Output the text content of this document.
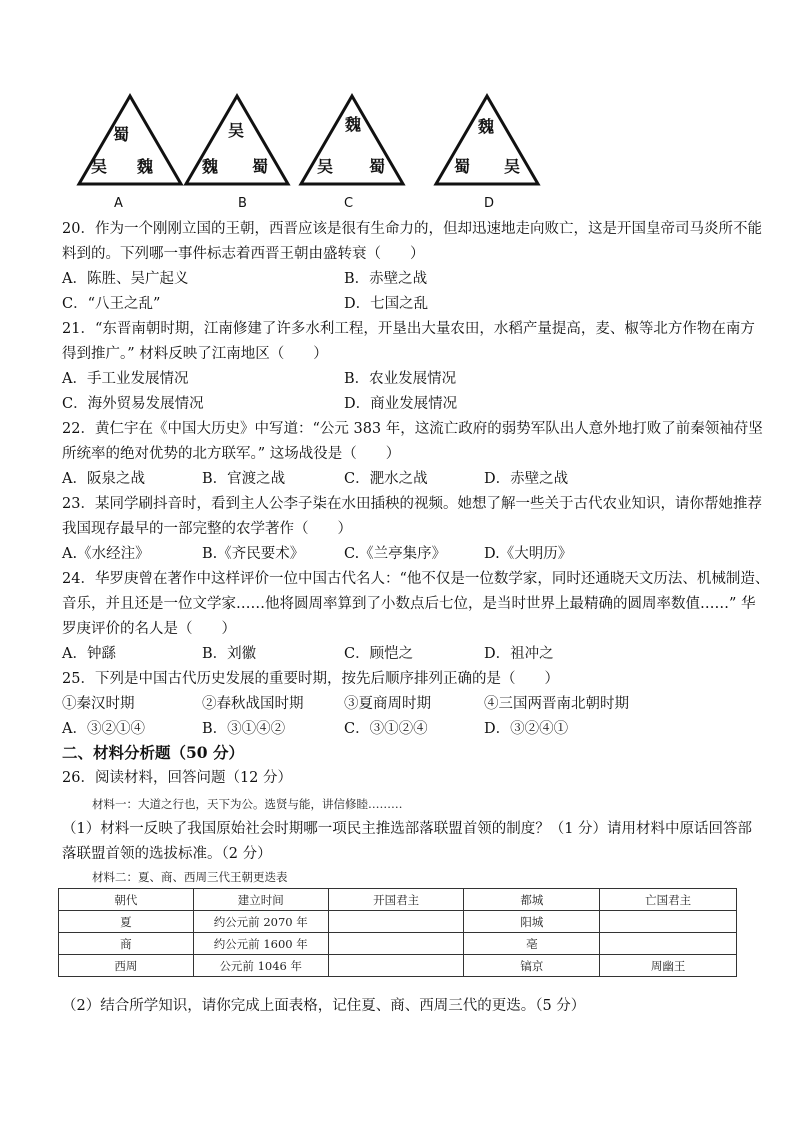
蜀
吴 魏
A
吴
魏 蜀
B
魏
吴 蜀
C
魏
蜀 吴
D
20．作为一个刚刚立国的王朝，西晋应该是很有生命力的，但却迅速地走向败亡，这是开国皇帝司马炎所不能
料到的。下列哪一事件标志着西晋王朝由盛转衰（　　）
A．陈胜、吴广起义	B．赤壁之战
C．“八王之乱”	D．七国之乱
21．“东晋南朝时期，江南修建了许多水利工程，开垦出大量农田，水稻产量提高，麦、椒等北方作物在南方
得到推广。” 材料反映了江南地区（　　）
A．手工业发展情况	B．农业发展情况
C．海外贸易发展情况	D．商业发展情况
22．黄仁宇在《中国大历史》中写道：“公元 383 年，这流亡政府的弱势军队出人意外地打败了前秦领袖苻坚
所统率的绝对优势的北方联军。” 这场战役是（　　）
A．阪泉之战	B．官渡之战	C．淝水之战	D．赤壁之战
23．某同学刷抖音时，看到主人公李子柒在水田插秧的视频。她想了解一些关于古代农业知识，请你帮她推荐
我国现存最早的一部完整的农学著作（　　）
A.《水经注》	B.《齐民要术》	C.《兰亭集序》	D.《大明历》
24．华罗庚曾在著作中这样评价一位中国古代名人：“他不仅是一位数学家，同时还通晓天文历法、机械制造、
音乐，并且还是一位文学家……他将圆周率算到了小数点后七位，是当时世界上最精确的圆周率数值……” 华
罗庚评价的名人是（　　）
A．钟繇	B．刘徽	C．顾恺之	D．祖冲之
25．下列是中国古代历史发展的重要时期，按先后顺序排列正确的是（　　）
①秦汉时期	②春秋战国时期	③夏商周时期	④三国两晋南北朝时期
A．③②①④	B．③①④②	C．③①②④	D．③②④①
二、材料分析题（50 分）
26．阅读材料，回答问题（12 分）
材料一：大道之行也，天下为公。选贤与能，讲信修睦………
（1）材料一反映了我国原始社会时期哪一项民主推选部落联盟首领的制度？（1 分）请用材料中原话回答部
落联盟首领的选拔标准。（2 分）
材料二：夏、商、西周三代王朝更迭表
朝代	建立时间	开国君主	都城	亡国君主
夏	约公元前 2070 年		阳城	
商	约公元前 1600 年		亳	
西周	公元前 1046 年		镐京	周幽王
（2）结合所学知识，请你完成上面表格，记住夏、商、西周三代的更迭。（5 分）
